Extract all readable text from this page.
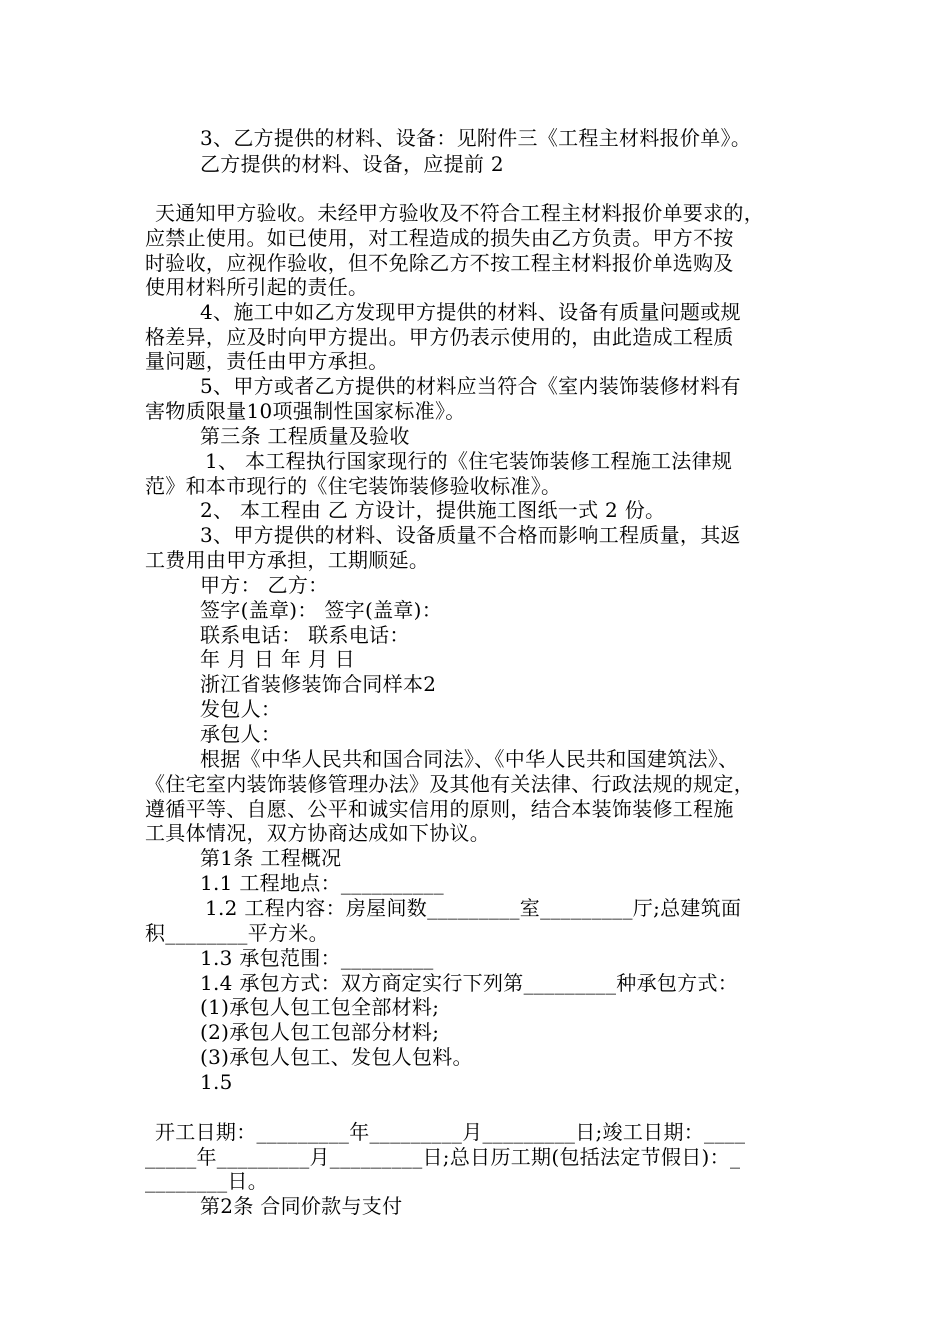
3、乙方提供的材料、设备：见附件三《工程主材料报价单》。
乙方提供的材料、设备，应提前 2
天通知甲方验收。未经甲方验收及不符合工程主材料报价单要求的，
应禁止使用。如已使用，对工程造成的损失由乙方负责。甲方不按
时验收，应视作验收，但不免除乙方不按工程主材料报价单选购及
使用材料所引起的责任。
4、施工中如乙方发现甲方提供的材料、设备有质量问题或规
格差异，应及时向甲方提出。甲方仍表示使用的，由此造成工程质
量问题，责任由甲方承担。
5、甲方或者乙方提供的材料应当符合《室内装饰装修材料有
害物质限量10项强制性国家标准》。
第三条 工程质量及验收
1、 本工程执行国家现行的《住宅装饰装修工程施工法律规
范》和本市现行的《住宅装饰装修验收标准》。
2、 本工程由 乙 方设计，提供施工图纸一式 2 份。
3、甲方提供的材料、设备质量不合格而影响工程质量，其返
工费用由甲方承担，工期顺延。
甲方： 乙方：
签字(盖章)： 签字(盖章)：
联系电话： 联系电话：
年 月 日 年 月 日
浙江省装修装饰合同样本2
发包人：
承包人：
根据《中华人民共和国合同法》、《中华人民共和国建筑法》、
《住宅室内装饰装修管理办法》及其他有关法律、行政法规的规定，
遵循平等、自愿、公平和诚实信用的原则，结合本装饰装修工程施
工具体情况，双方协商达成如下协议。
第1条 工程概况
1.1 工程地点：__________
1.2 工程内容：房屋间数_________室_________厅;总建筑面
积________平方米。
1.3 承包范围：_________
1.4 承包方式：双方商定实行下列第_________种承包方式：
(1)承包人包工包全部材料;
(2)承包人包工包部分材料;
(3)承包人包工、发包人包料。
1.5
开工日期：_________年_________月_________日;竣工日期：____
_____年_________月_________日;总日历工期(包括法定节假日)：_
________日。
第2条 合同价款与支付
